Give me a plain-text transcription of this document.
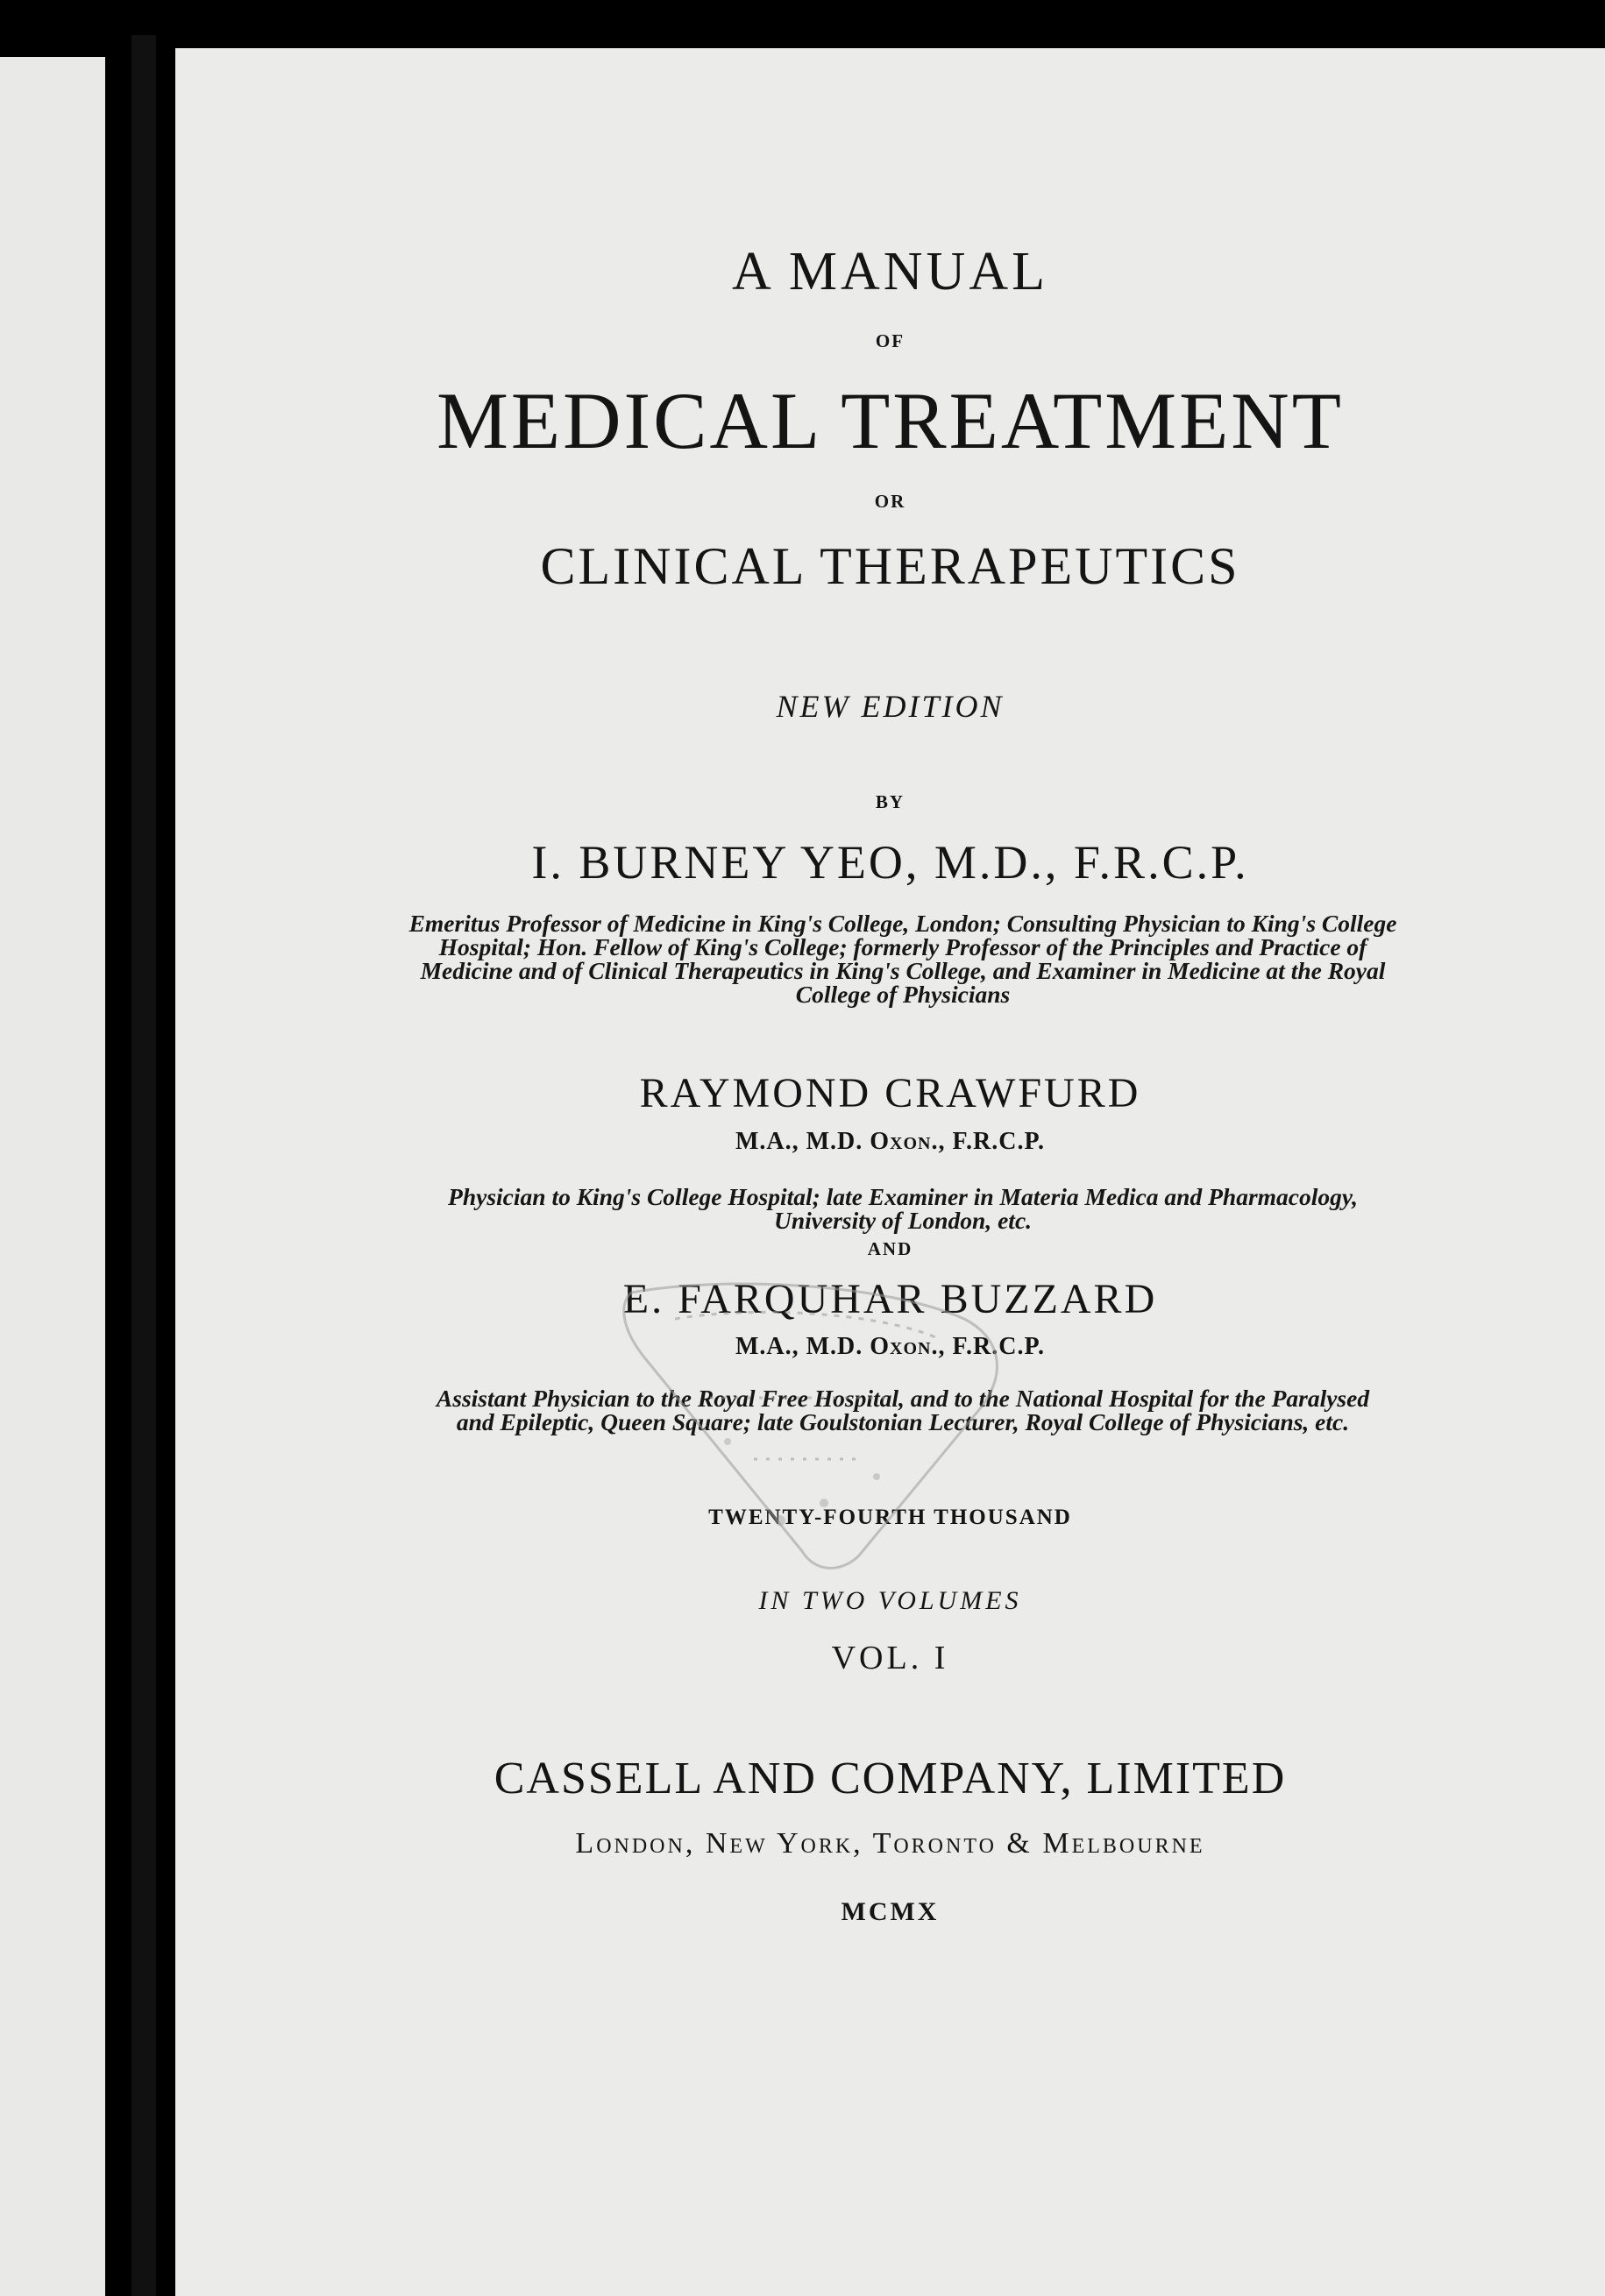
A MANUAL
OF
MEDICAL TREATMENT
OR
CLINICAL THERAPEUTICS
NEW EDITION
BY
I. BURNEY YEO, M.D., F.R.C.P.
Emeritus Professor of Medicine in King's College, London; Consulting Physician to King's College Hospital; Hon. Fellow of King's College; formerly Professor of the Principles and Practice of Medicine and of Clinical Therapeutics in King's College, and Examiner in Medicine at the Royal College of Physicians
RAYMOND CRAWFURD
M.A., M.D. Oxon., F.R.C.P.
Physician to King's College Hospital; late Examiner in Materia Medica and Pharmacology, University of London, etc.
AND
E. FARQUHAR BUZZARD
M.A., M.D. Oxon., F.R.C.P.
Assistant Physician to the Royal Free Hospital, and to the National Hospital for the Paralysed and Epileptic, Queen Square; late Goulstonian Lecturer, Royal College of Physicians, etc.
TWENTY-FOURTH THOUSAND
IN TWO VOLUMES
VOL. I
CASSELL AND COMPANY, LIMITED
London, New York, Toronto & Melbourne
MCMX
